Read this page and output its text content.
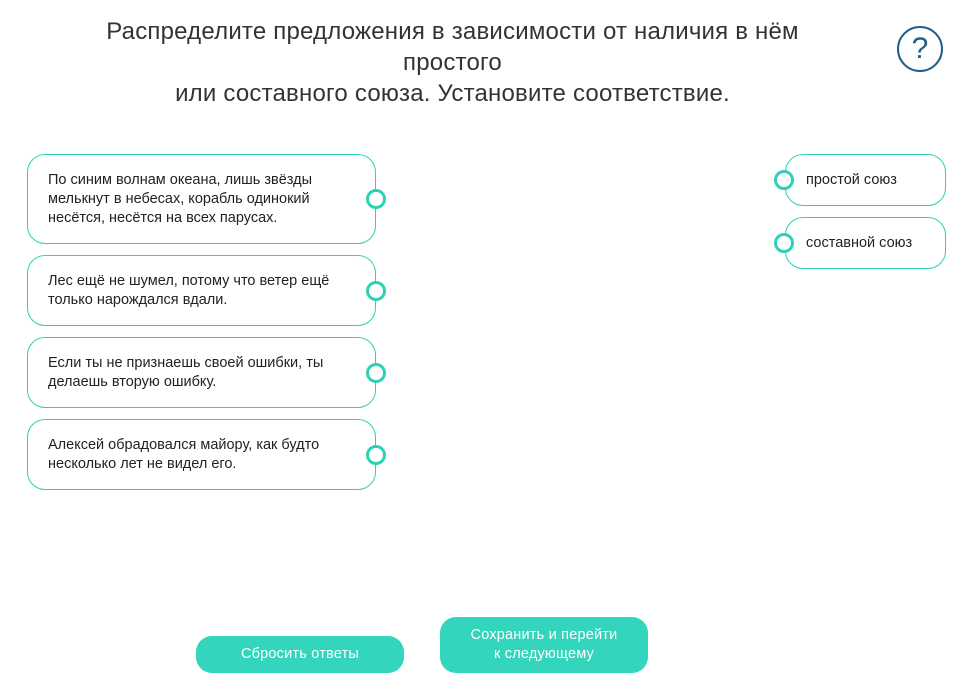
Распределите предложения в зависимости от наличия в нём
простого
или составного союза. Установите соответствие.
?
По синим волнам океана, лишь звёзды мелькнут в небесах, корабль одинокий несётся, несётся на всех парусах.
Лес ещё не шумел, потому что ветер ещё только нарождался вдали.
Если ты не признаешь своей ошибки, ты делаешь вторую ошибку.
Алексей обрадовался майору, как будто несколько лет не видел его.
простой союз
составной союз
Сбросить ответы
Сохранить и перейти
к следующему
